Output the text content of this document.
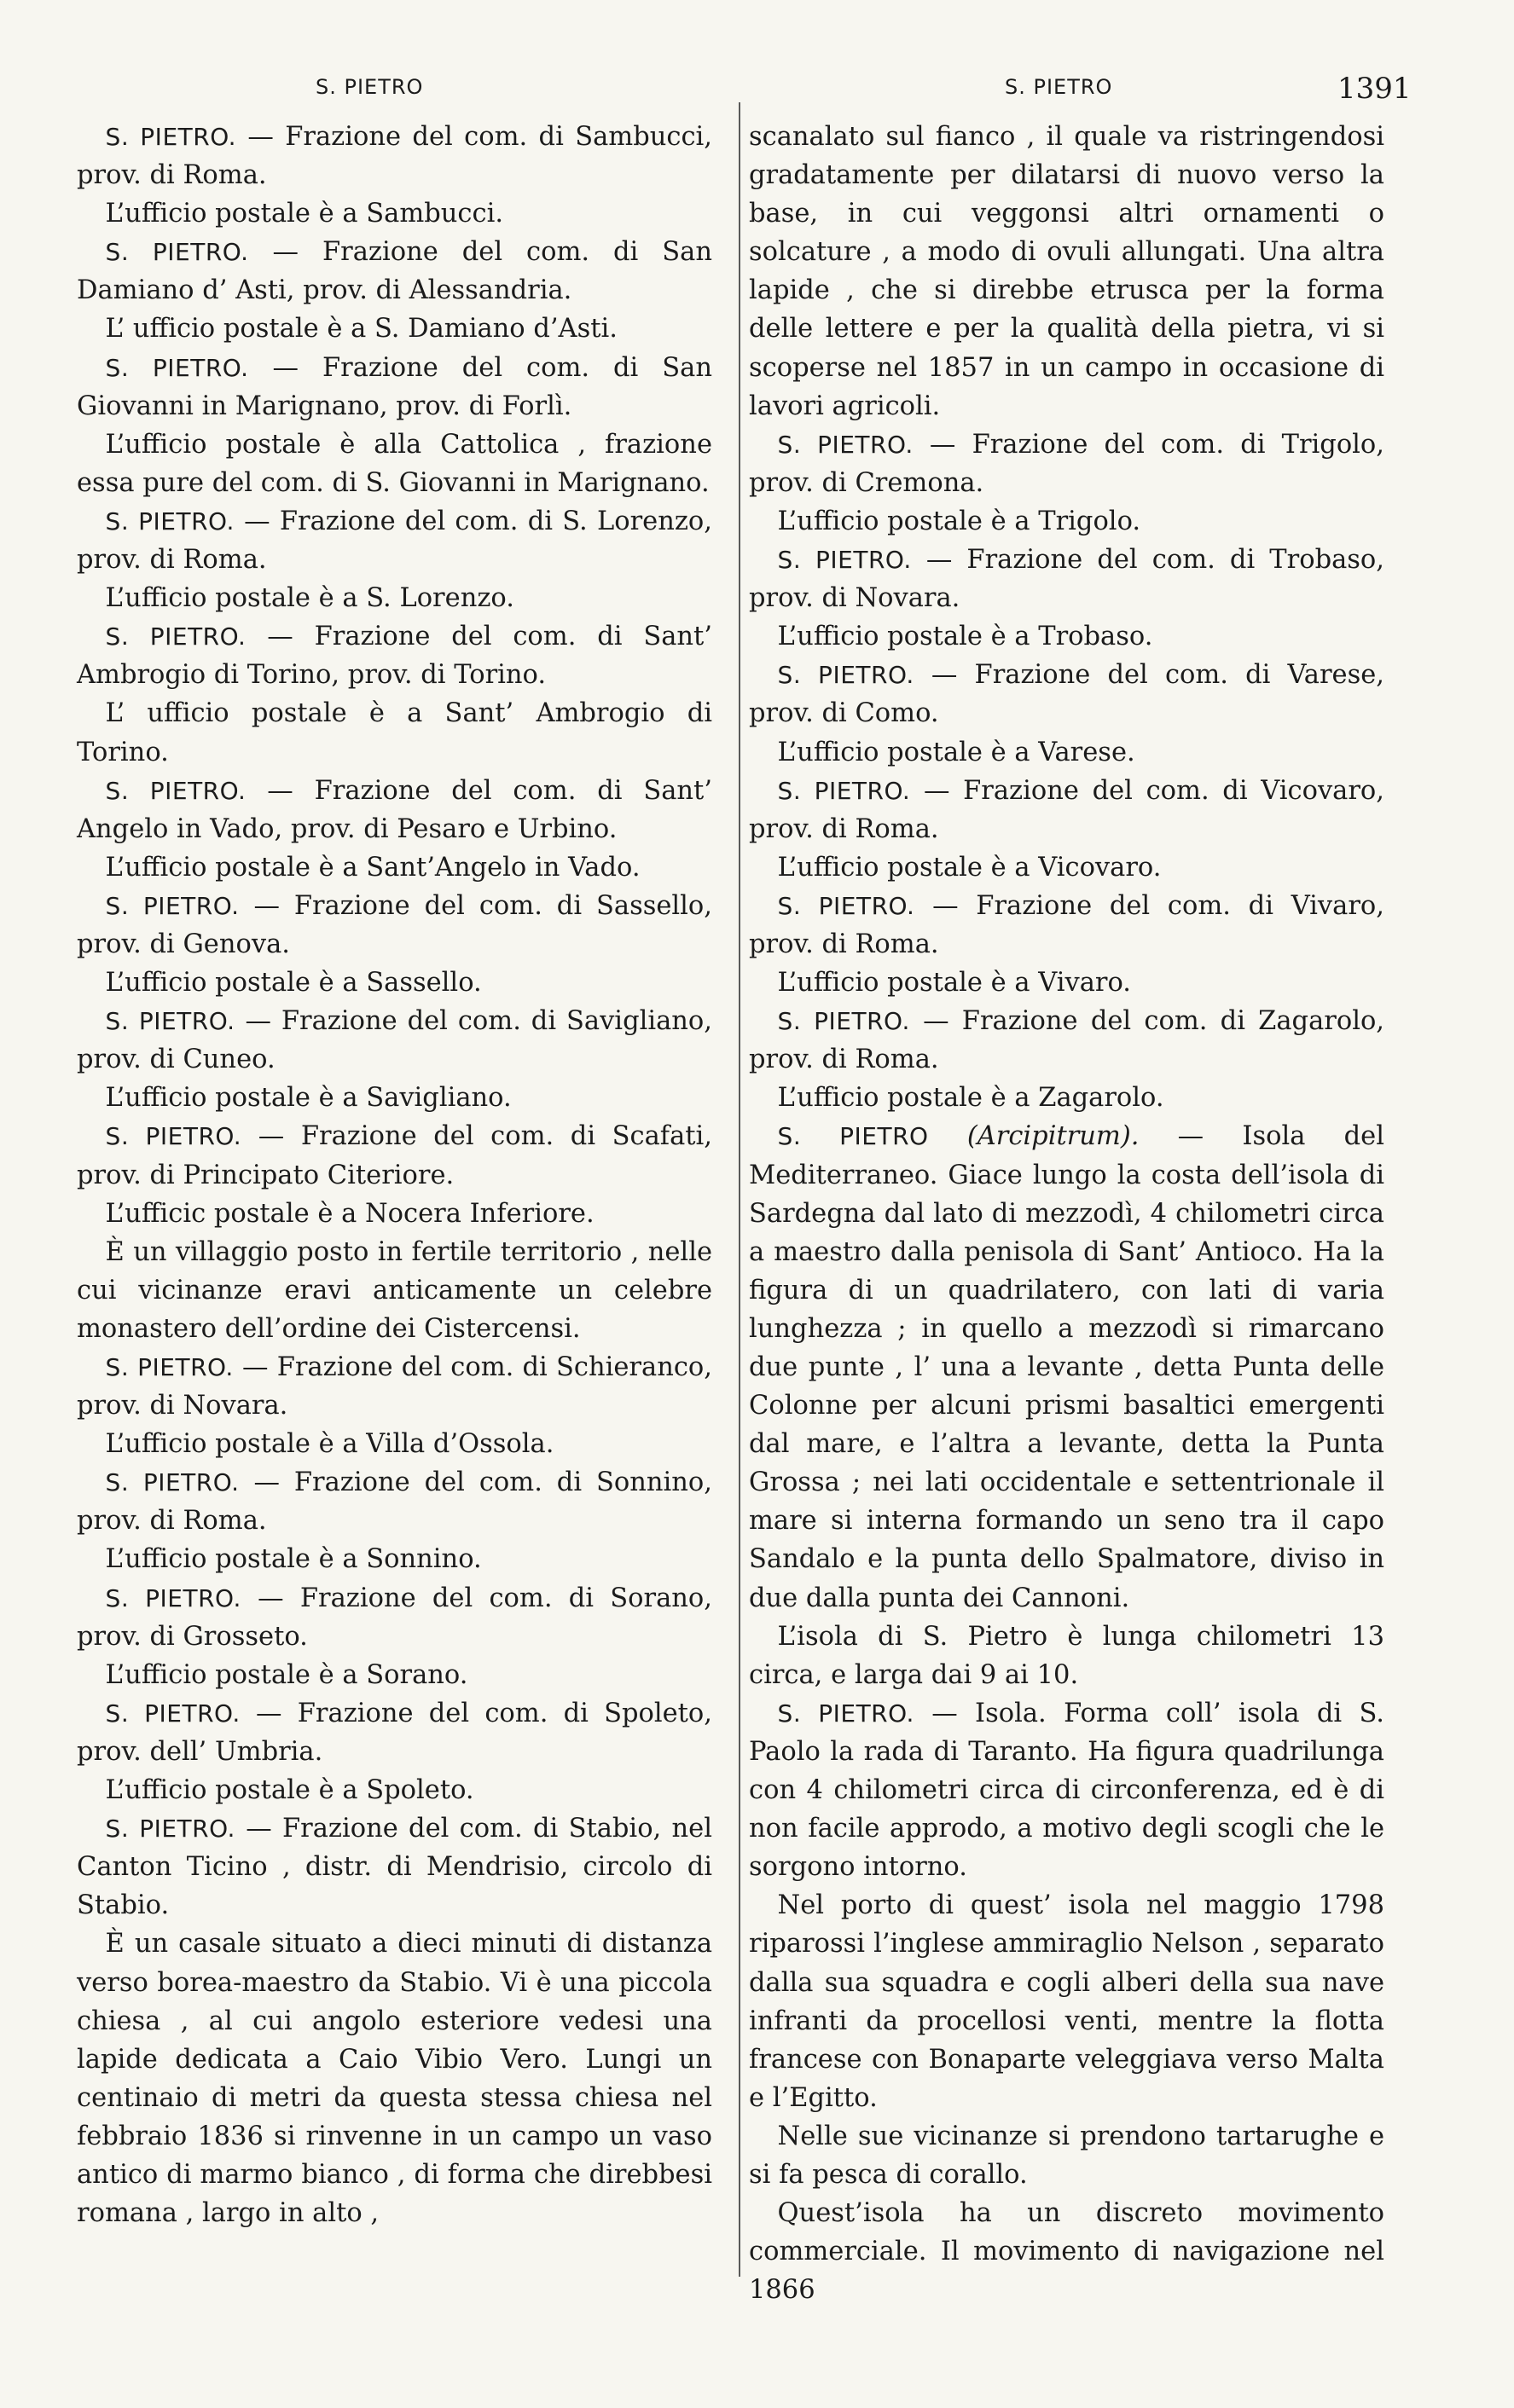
S. PIETRO	S. PIETRO	1391

S. PIETRO. — Frazione del com. di Sambucci, prov. di Roma.

L’ufficio postale è a Sambucci.

S. PIETRO. — Frazione del com. di San Damiano d’ Asti, prov. di Alessandria.

L’ ufficio postale è a S. Damiano d’Asti.

S. PIETRO. — Frazione del com. di San Giovanni in Marignano, prov. di Forlì.

L’ufficio postale è alla Cattolica , frazione essa pure del com. di S. Giovanni in Marignano.

S. PIETRO. — Frazione del com. di S. Lorenzo, prov. di Roma.

L’ufficio postale è a S. Lorenzo.

S. PIETRO. — Frazione del com. di Sant’ Ambrogio di Torino, prov. di Torino.

L’ ufficio postale è a Sant’ Ambrogio di Torino.

S. PIETRO. — Frazione del com. di Sant’ Angelo in Vado, prov. di Pesaro e Urbino.

L’ufficio postale è a Sant’Angelo in Vado.

S. PIETRO. — Frazione del com. di Sassello, prov. di Genova.

L’ufficio postale è a Sassello.

S. PIETRO. — Frazione del com. di Savigliano, prov. di Cuneo.

L’ufficio postale è a Savigliano.

S. PIETRO. — Frazione del com. di Scafati, prov. di Principato Citeriore.

L’ufficic postale è a Nocera Inferiore.

È un villaggio posto in fertile territorio , nelle cui vicinanze eravi anticamente un celebre monastero dell’ordine dei Cistercensi.

S. PIETRO. — Frazione del com. di Schieranco, prov. di Novara.

L’ufficio postale è a Villa d’Ossola.

S. PIETRO. — Frazione del com. di Sonnino, prov. di Roma.

L’ufficio postale è a Sonnino.

S. PIETRO. — Frazione del com. di Sorano, prov. di Grosseto.

L’ufficio postale è a Sorano.

S. PIETRO. — Frazione del com. di Spoleto, prov. dell’ Umbria.

L’ufficio postale è a Spoleto.

S. PIETRO. — Frazione del com. di Stabio, nel Canton Ticino , distr. di Mendrisio, circolo di Stabio.

È un casale situato a dieci minuti di distanza verso borea-maestro da Stabio. Vi è una piccola chiesa , al cui angolo esteriore vedesi una lapide dedicata a Caio Vibio Vero. Lungi un centinaio di metri da questa stessa chiesa nel febbraio 1836 si rinvenne in un campo un vaso antico di marmo bianco , di forma che direbbesi romana , largo in alto ,

scanalato sul fianco , il quale va ristringendosi gradatamente per dilatarsi di nuovo verso la base, in cui veggonsi altri ornamenti o solcature , a modo di ovuli allungati. Una altra lapide , che si direbbe etrusca per la forma delle lettere e per la qualità della pietra, vi si scoperse nel 1857 in un campo in occasione di lavori agricoli.

S. PIETRO. — Frazione del com. di Trigolo, prov. di Cremona.

L’ufficio postale è a Trigolo.

S. PIETRO. — Frazione del com. di Trobaso, prov. di Novara.

L’ufficio postale è a Trobaso.

S. PIETRO. — Frazione del com. di Varese, prov. di Como.

L’ufficio postale è a Varese.

S. PIETRO. — Frazione del com. di Vicovaro, prov. di Roma.

L’ufficio postale è a Vicovaro.

S. PIETRO. — Frazione del com. di Vivaro, prov. di Roma.

L’ufficio postale è a Vivaro.

S. PIETRO. — Frazione del com. di Zagarolo, prov. di Roma.

L’ufficio postale è a Zagarolo.

S. PIETRO (Arcipitrum). — Isola del Mediterraneo. Giace lungo la costa dell’isola di Sardegna dal lato di mezzodì, 4 chilometri circa a maestro dalla penisola di Sant’ Antioco. Ha la figura di un quadrilatero, con lati di varia lunghezza ; in quello a mezzodì si rimarcano due punte , l’ una a levante , detta Punta delle Colonne per alcuni prismi basaltici emergenti dal mare, e l’altra a levante, detta la Punta Grossa ; nei lati occidentale e settentrionale il mare si interna formando un seno tra il capo Sandalo e la punta dello Spalmatore, diviso in due dalla punta dei Cannoni.

L’isola di S. Pietro è lunga chilometri 13 circa, e larga dai 9 ai 10.

S. PIETRO. — Isola. Forma coll’ isola di S. Paolo la rada di Taranto. Ha figura quadrilunga con 4 chilometri circa di circonferenza, ed è di non facile approdo, a motivo degli scogli che le sorgono intorno.

Nel porto di quest’ isola nel maggio 1798 riparossi l’inglese ammiraglio Nelson , separato dalla sua squadra e cogli alberi della sua nave infranti da procellosi venti, mentre la flotta francese con Bonaparte veleggiava verso Malta e l’Egitto.

Nelle sue vicinanze si prendono tartarughe e si fa pesca di corallo.

Quest’isola ha un discreto movimento commerciale. Il movimento di navigazione nel 1866
